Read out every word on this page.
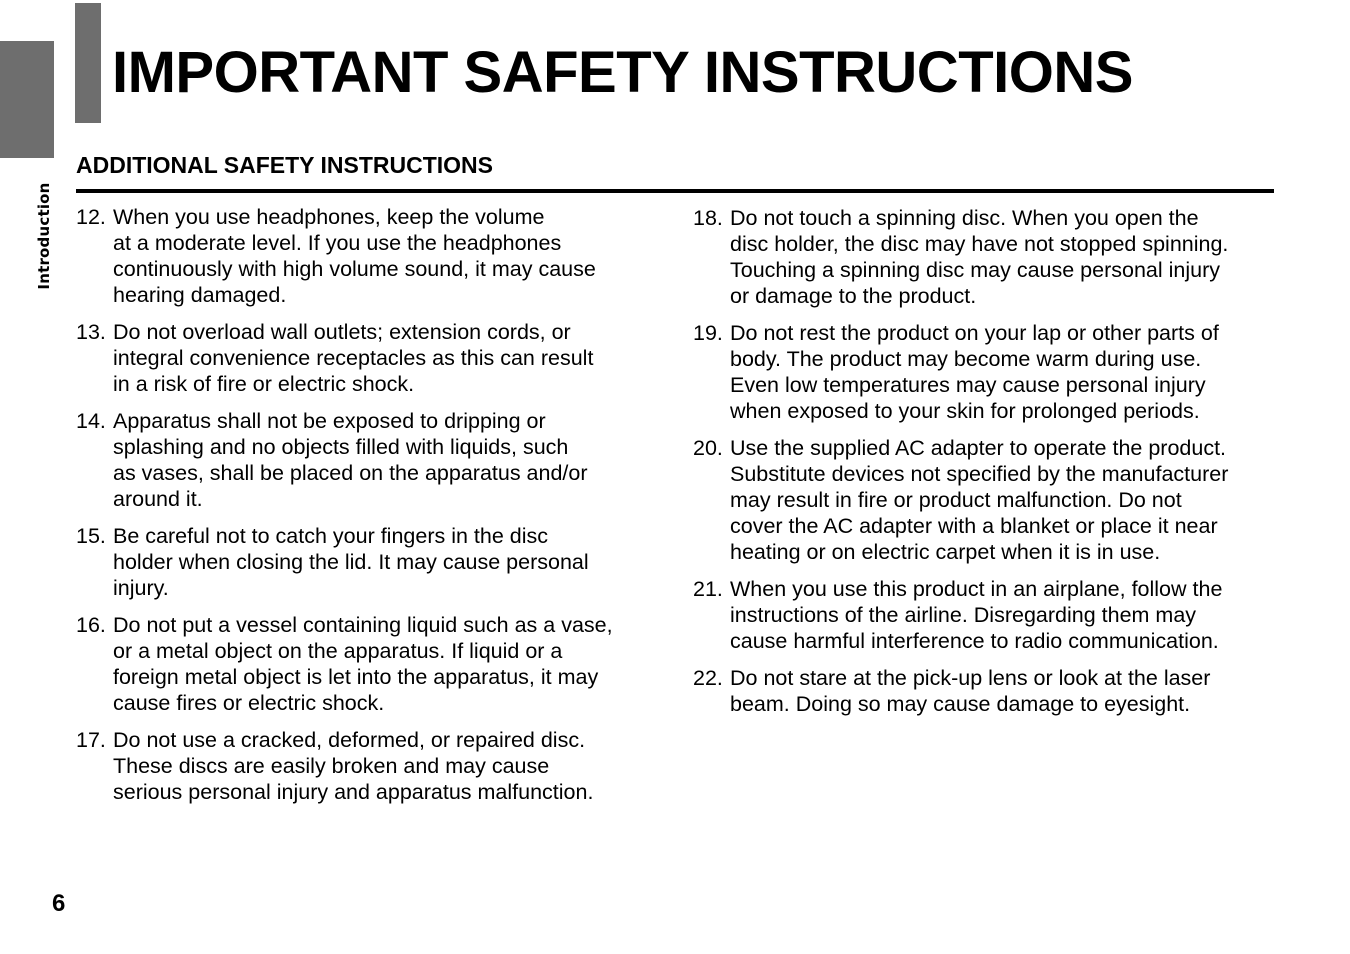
Introduction
IMPORTANT SAFETY INSTRUCTIONS
ADDITIONAL SAFETY INSTRUCTIONS
12. When you use headphones, keep the volume
at a moderate level. If you use the headphones
continuously with high volume sound, it may cause
hearing damaged.
13. Do not overload wall outlets; extension cords, or
integral convenience receptacles as this can result
in a risk of fire or electric shock.
14. Apparatus shall not be exposed to dripping or
splashing and no objects filled with liquids, such
as vases, shall be placed on the apparatus and/or
around it.
15. Be careful not to catch your fingers in the disc
holder when closing the lid. It may cause personal
injury.
16. Do not put a vessel containing liquid such as a vase,
or a metal object on the apparatus. If liquid or a
foreign metal object is let into the apparatus, it may
cause fires or electric shock.
17. Do not use a cracked, deformed, or repaired disc.
These discs are easily broken and may cause
serious personal injury and apparatus malfunction.
18. Do not touch a spinning disc. When you open the
disc holder, the disc may have not stopped spinning.
Touching a spinning disc may cause personal injury
or damage to the product.
19. Do not rest the product on your lap or other parts of
body. The product may become warm during use.
Even low temperatures may cause personal injury
when exposed to your skin for prolonged periods.
20. Use the supplied AC adapter to operate the product.
Substitute devices not specified by the manufacturer
may result in fire or product malfunction. Do not
cover the AC adapter with a blanket or place it near
heating or on electric carpet when it is in use.
21. When you use this product in an airplane, follow the
instructions of the airline. Disregarding them may
cause harmful interference to radio communication.
22. Do not stare at the pick-up lens or look at the laser
beam. Doing so may cause damage to eyesight.
6
